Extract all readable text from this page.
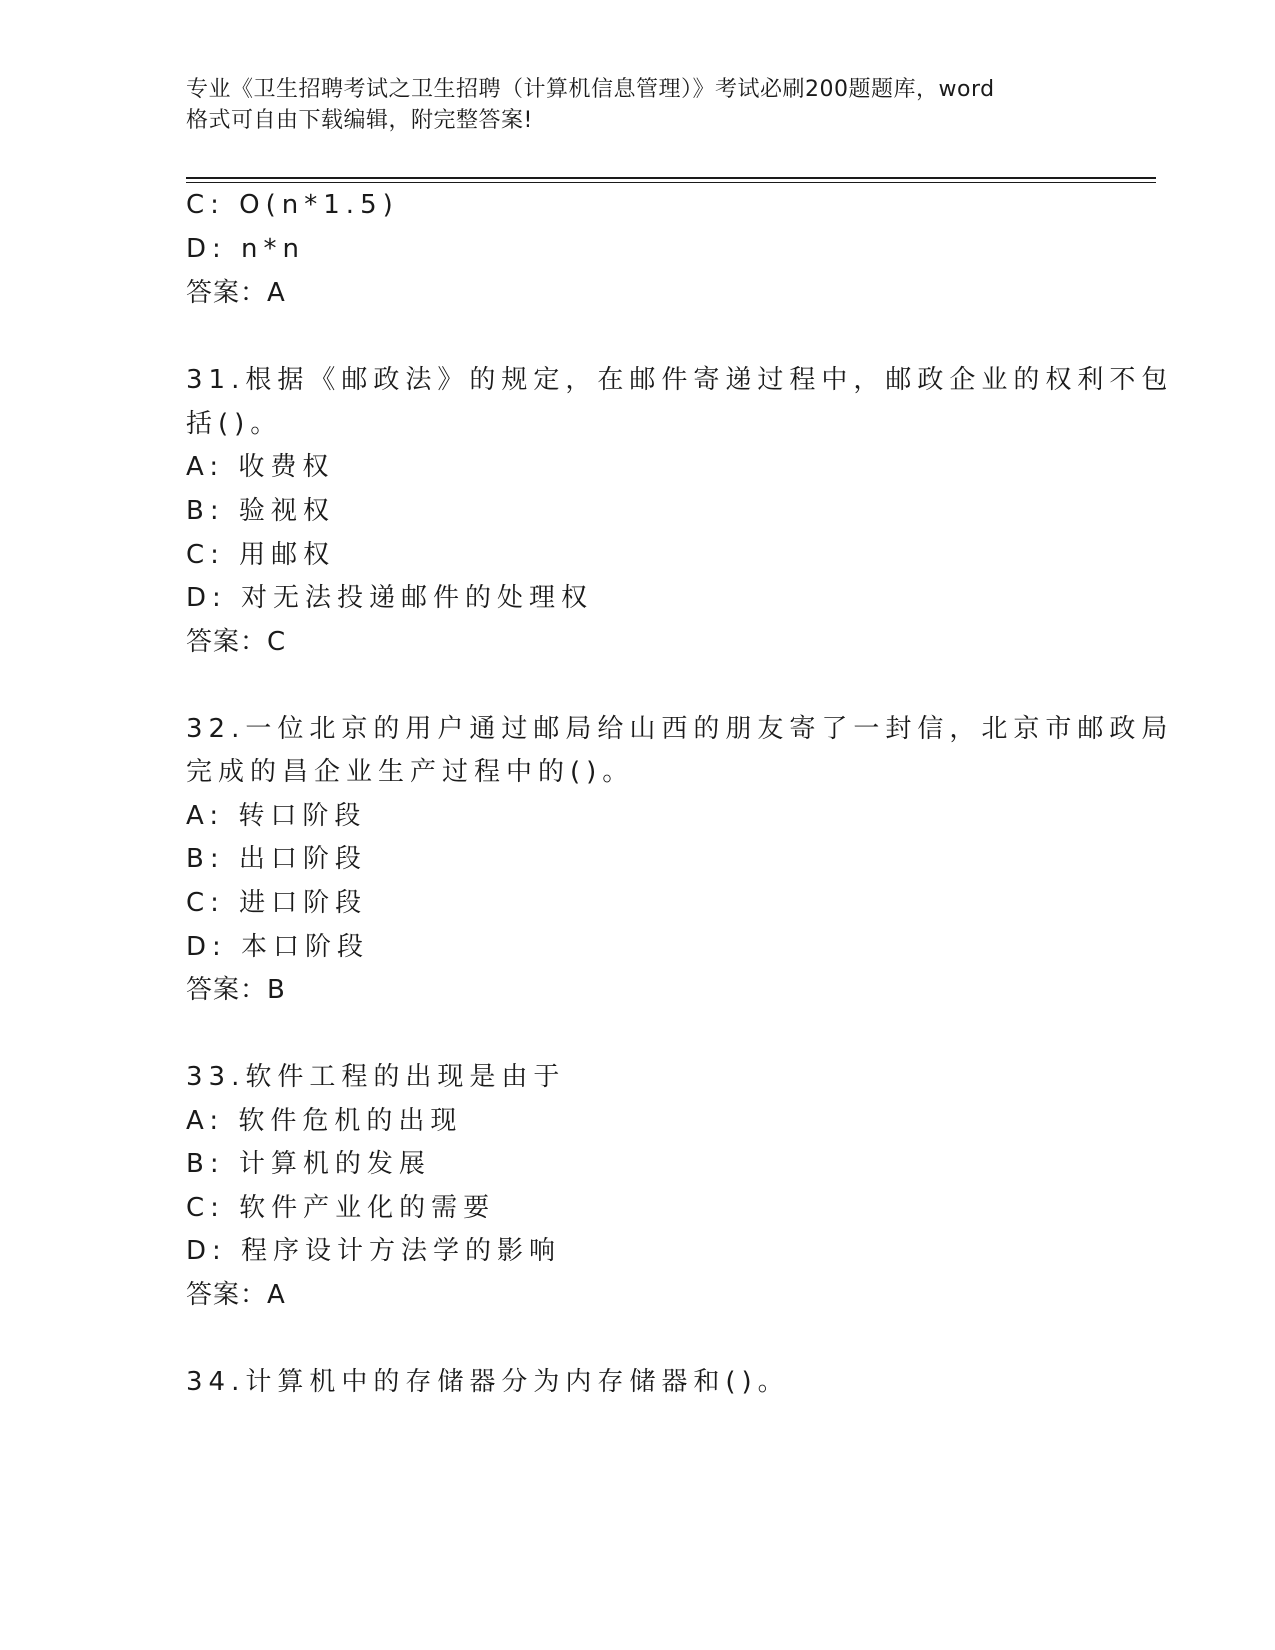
专业《卫生招聘考试之卫生招聘（计算机信息管理）》考试必刷200题题库，word
格式可自由下载编辑，附完整答案!
C: O(n*1.5)
D: n*n
答案：A
31.根据《邮政法》的规定，在邮件寄递过程中，邮政企业的权利不包
括()。
A: 收费权
B: 验视权
C: 用邮权
D: 对无法投递邮件的处理权
答案：C
32.一位北京的用户通过邮局给山西的朋友寄了一封信，北京市邮政局
完成的昌企业生产过程中的()。
A: 转口阶段
B: 出口阶段
C: 进口阶段
D: 本口阶段
答案：B
33.软件工程的出现是由于
A: 软件危机的出现
B: 计算机的发展
C: 软件产业化的需要
D: 程序设计方法学的影响
答案：A
34.计算机中的存储器分为内存储器和()。
